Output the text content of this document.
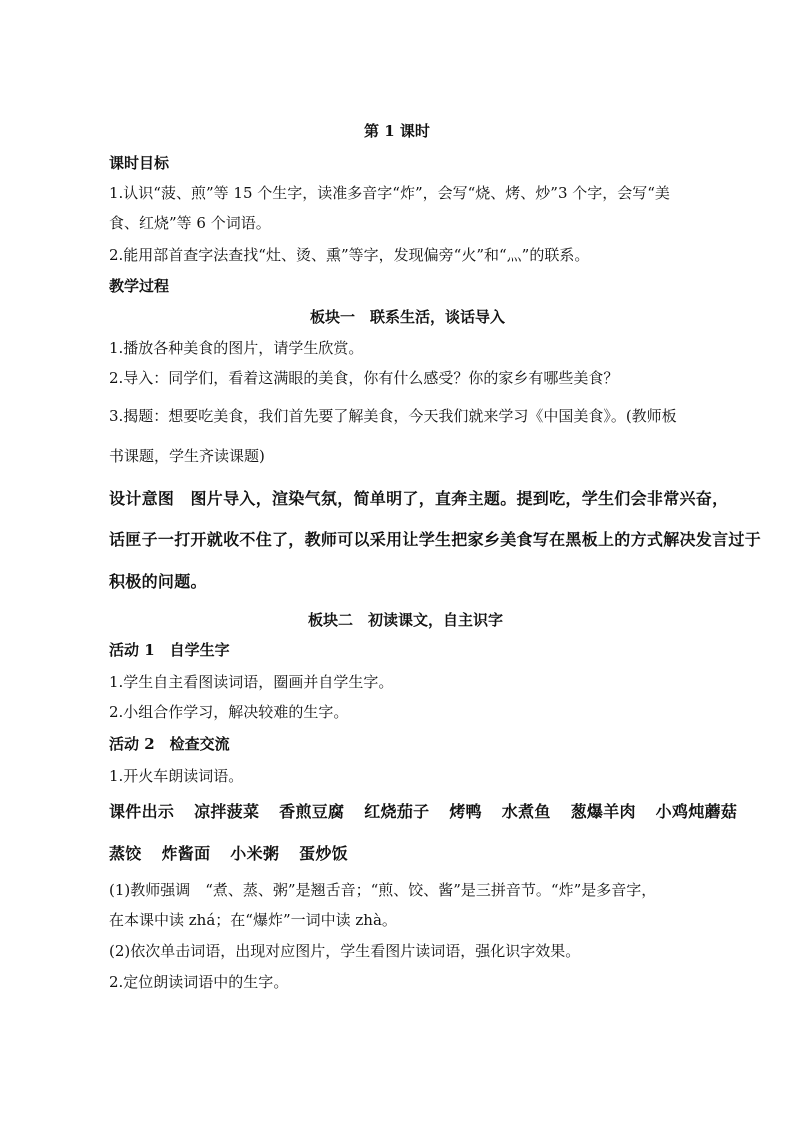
第 1 课时
课时目标
1.认识“菠、煎”等 15 个生字，读准多音字“炸”，会写“烧、烤、炒”3 个字，会写“美
食、红烧”等 6 个词语。
2.能用部首查字法查找“灶、烫、熏”等字，发现偏旁“火”和“灬”的联系。
教学过程
板块一　联系生活，谈话导入
1.播放各种美食的图片，请学生欣赏。
2.导入：同学们，看着这满眼的美食，你有什么感受？你的家乡有哪些美食？
3.揭题：想要吃美食，我们首先要了解美食，今天我们就来学习《中国美食》。(教师板
书课题，学生齐读课题)
设计意图　图片导入，渲染气氛，简单明了，直奔主题。提到吃，学生们会非常兴奋，
话匣子一打开就收不住了，教师可以采用让学生把家乡美食写在黑板上的方式解决发言过于
积极的问题。
板块二　初读课文，自主识字
活动 1　自学生字
1.学生自主看图读词语，圈画并自学生字。
2.小组合作学习，解决较难的生字。
活动 2　检查交流
1.开火车朗读词语。
课件出示 凉拌菠菜 香煎豆腐 红烧茄子 烤鸭 水煮鱼 葱爆羊肉 小鸡炖蘑菇
蒸饺 炸酱面 小米粥 蛋炒饭
(1)教师强调　“煮、蒸、粥”是翘舌音；“煎、饺、酱”是三拼音节。“炸”是多音字，
在本课中读 zhá；在“爆炸”一词中读 zhà。
(2)依次单击词语，出现对应图片，学生看图片读词语，强化识字效果。
2.定位朗读词语中的生字。
